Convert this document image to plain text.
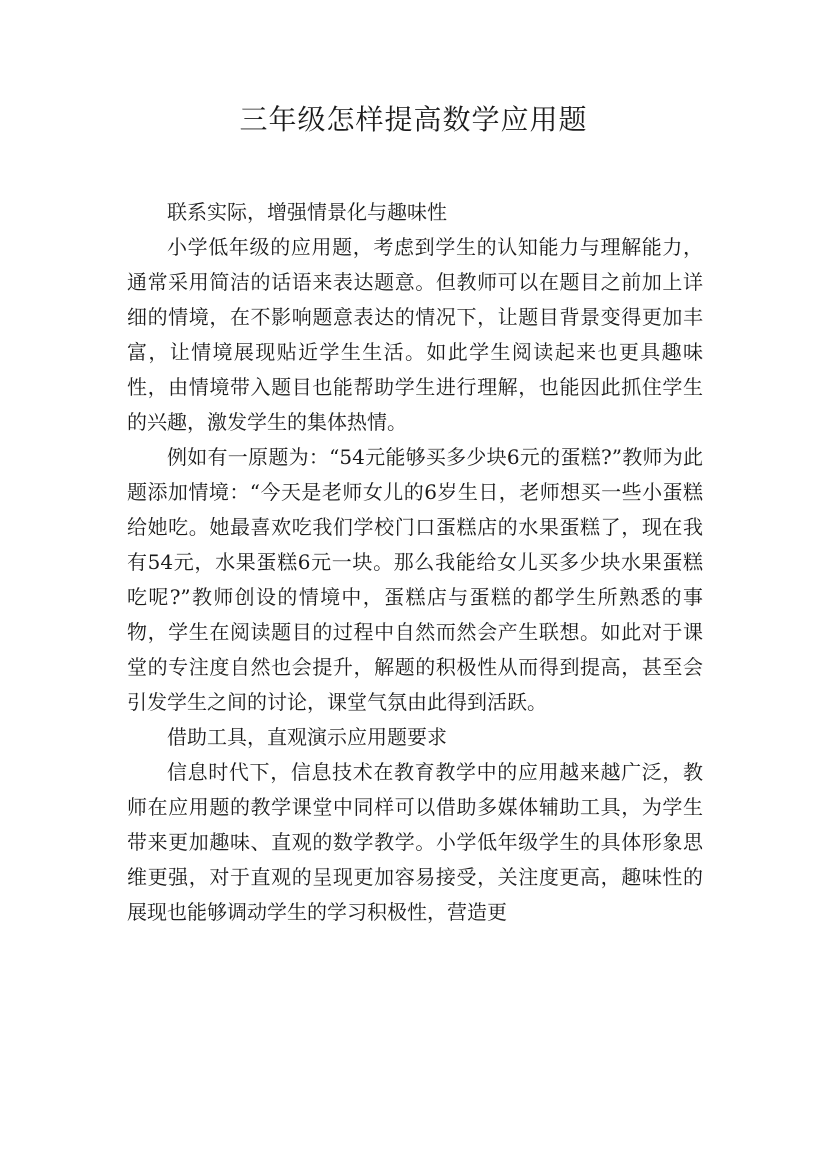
三年级怎样提高数学应用题

联系实际，增强情景化与趣味性

小学低年级的应用题，考虑到学生的认知能力与理解能力，通常采用简洁的话语来表达题意。但教师可以在题目之前加上详细的情境，在不影响题意表达的情况下，让题目背景变得更加丰富，让情境展现贴近学生生活。如此学生阅读起来也更具趣味性，由情境带入题目也能帮助学生进行理解，也能因此抓住学生的兴趣，激发学生的集体热情。

例如有一原题为：“54元能够买多少块6元的蛋糕?”教师为此题添加情境：“今天是老师女儿的6岁生日，老师想买一些小蛋糕给她吃。她最喜欢吃我们学校门口蛋糕店的水果蛋糕了，现在我有54元，水果蛋糕6元一块。那么我能给女儿买多少块水果蛋糕吃呢?”教师创设的情境中，蛋糕店与蛋糕的都学生所熟悉的事物，学生在阅读题目的过程中自然而然会产生联想。如此对于课堂的专注度自然也会提升，解题的积极性从而得到提高，甚至会引发学生之间的讨论，课堂气氛由此得到活跃。

借助工具，直观演示应用题要求

信息时代下，信息技术在教育教学中的应用越来越广泛，教师在应用题的教学课堂中同样可以借助多媒体辅助工具，为学生带来更加趣味、直观的数学教学。小学低年级学生的具体形象思维更强，对于直观的呈现更加容易接受，关注度更高，趣味性的展现也能够调动学生的学习积极性，营造更
